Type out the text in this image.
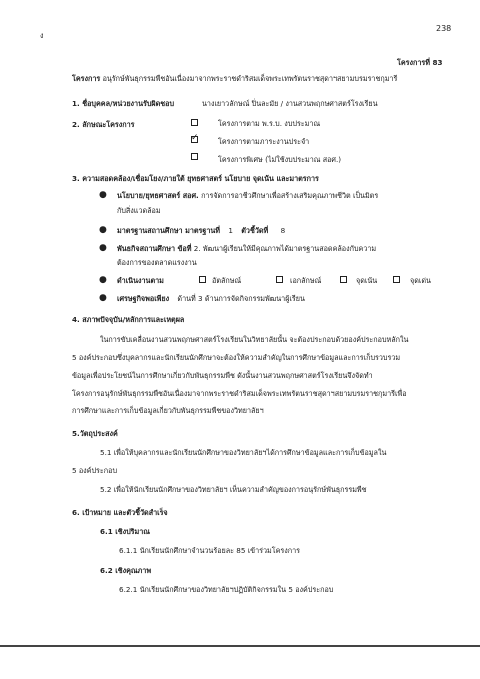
238
ง
โครงการที่ 83
โครงการ อนุรักษ์พันธุกรรมพืชอันเนื่องมาจากพระราชดำริสมเด็จพระเทพรัตนราชสุดาฯสยามบรมราชกุมารี
1. ชื่อบุคคล/หน่วยงานรับผิดชอบ	นางเยาวลักษณ์ ปิ่นละมัย / งานสวนพฤกษศาสตร์โรงเรียน
2. ลักษณะโครงการ	โครงการตาม พ.ร.บ. งบประมาณ
✓	โครงการตามภาระงานประจำ
โครงการพิเศษ (ไม่ใช้งบประมาณ สอศ.)
3. ความสอดคล้อง/เชื่อมโยง/ภายใต้ ยุทธศาสตร์ นโยบาย จุดเน้น และมาตรการ
● นโยบาย/ยุทธศาสตร์ สอศ. การจัดการอาชีวศึกษาเพื่อสร้างเสริมคุณภาพชีวิต เป็นมิตร
กับสิ่งแวดล้อม
● มาตรฐานสถานศึกษา มาตรฐานที่ 1 ตัวชี้วัดที่ 8
● พันธกิจสถานศึกษา ข้อที่ 2. พัฒนาผู้เรียนให้มีคุณภาพได้มาตรฐานสอดคล้องกับความ
ต้องการของตลาดแรงงาน
● ดำเนินงานตาม	อัตลักษณ์	เอกลักษณ์	จุดเน้น	จุดเด่น
● เศรษฐกิจพอเพียง ด้านที่ 3 ด้านการจัดกิจกรรมพัฒนาผู้เรียน
4. สภาพปัจจุบัน/หลักการและเหตุผล
ในการขับเคลื่อนงานสวนพฤกษศาสตร์โรงเรียนในวิทยาลัยนั้น จะต้องประกอบด้วยองค์ประกอบหลักใน
5 องค์ประกอบซึ่งบุคลากรและนักเรียนนักศึกษาจะต้องให้ความสำคัญในการศึกษาข้อมูลและการเก็บรวบรวม
ข้อมูลเพื่อประโยชน์ในการศึกษาเกี่ยวกับพันธุกรรมพืช ดังนั้นงานสวนพฤกษศาสตร์โรงเรียนจึงจัดทำ
โครงการอนุรักษ์พันธุกรรมพืชอันเนื่องมาจากพระราชดำริสมเด็จพระเทพรัตนราชสุดาฯสยามบรมราชกุมารีเพื่อ
การศึกษาและการเก็บข้อมูลเกี่ยวกับพันธุกรรมพืชของวิทยาลัยฯ
5.วัตถุประสงค์
5.1 เพื่อให้บุคลากรและนักเรียนนักศึกษาของวิทยาลัยฯได้การศึกษาข้อมูลและการเก็บข้อมูลใน
5 องค์ประกอบ
5.2 เพื่อให้นักเรียนนักศึกษาของวิทยาลัยฯ เห็นความสำคัญของการอนุรักษ์พันธุกรรมพืช
6. เป้าหมาย และตัวชี้วัดสำเร็จ
6.1 เชิงปริมาณ
6.1.1 นักเรียนนักศึกษาจำนวนร้อยละ 85 เข้าร่วมโครงการ
6.2 เชิงคุณภาพ
6.2.1 นักเรียนนักศึกษาของวิทยาลัยฯปฏิบัติกิจกรรมใน 5 องค์ประกอบ
